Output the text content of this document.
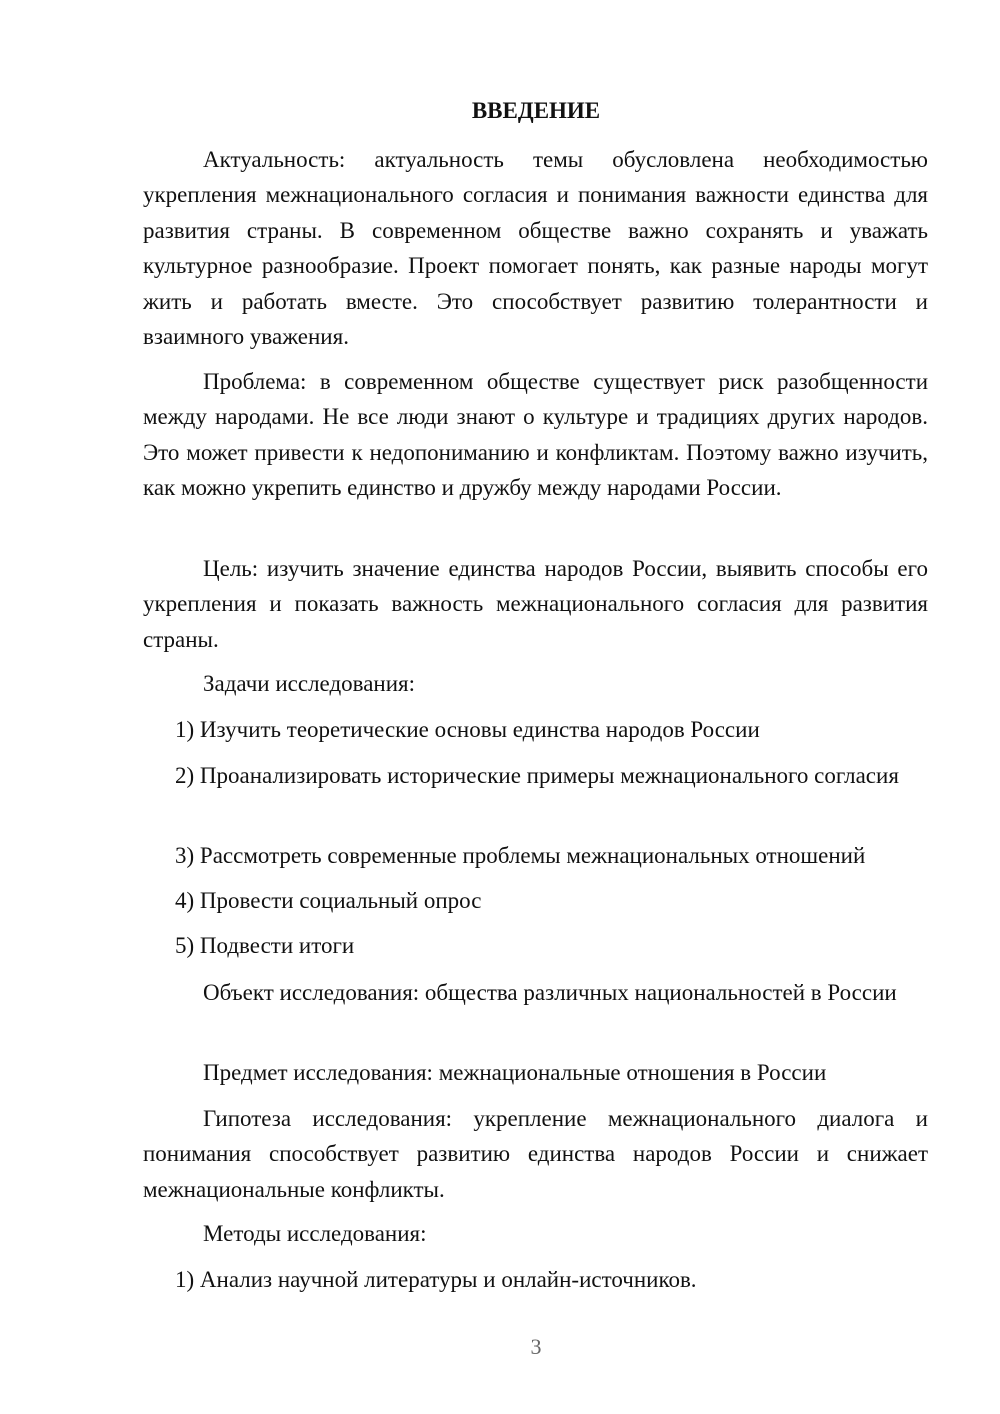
ВВЕДЕНИЕ

Актуальность: актуальность темы обусловлена необходимостью укрепления межнационального согласия и понимания важности единства для развития страны. В современном обществе важно сохранять и уважать культурное разнообразие. Проект помогает понять, как разные народы могут жить и работать вместе. Это способствует развитию толерантности и взаимного уважения.

Проблема: в современном обществе существует риск разобщенности между народами. Не все люди знают о культуре и традициях других народов. Это может привести к недопониманию и конфликтам. Поэтому важно изучить, как можно укрепить единство и дружбу между народами России.

Цель: изучить значение единства народов России, выявить способы его укрепления и показать важность межнационального согласия для развития страны.

Задачи исследования:

1) Изучить теоретические основы единства народов России

2) Проанализировать исторические примеры межнационального согласия

3) Рассмотреть современные проблемы межнациональных отношений

4) Провести социальный опрос

5) Подвести итоги

Объект исследования: общества различных национальностей в России

Предмет исследования: межнациональные отношения в России

Гипотеза исследования: укрепление межнационального диалога и понимания способствует развитию единства народов России и снижает межнациональные конфликты.

Методы исследования:

1) Анализ научной литературы и онлайн-источников.

3
